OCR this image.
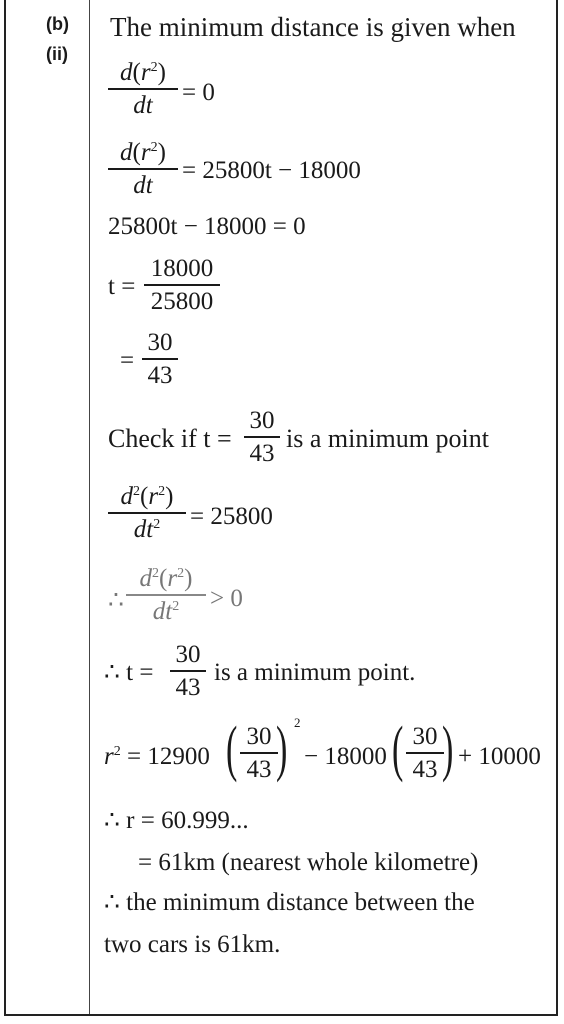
(b)
(ii)
The minimum distance is given when
$d(r^2)$
dt	= 0
$d(r^2)$
dt
= 25800t − 18000
25800t − 18000 = 0
t =
18000
25800
=
30
43
Check if t =
30
43 is a minimum point
$d^2(r^2)$
$dt^2$	= 25800
∴
$d^2(r^2)$
$dt^2$	> 0
∴ t =
30
43
is a minimum point.
$r^2 = 12900$ ( 30
43 ) 2
− 18000 ( 30
43 ) + 10000
∴ r = 60.999...
= 61km (nearest whole kilometre)
∴ the minimum distance between the
two cars is 61km.
